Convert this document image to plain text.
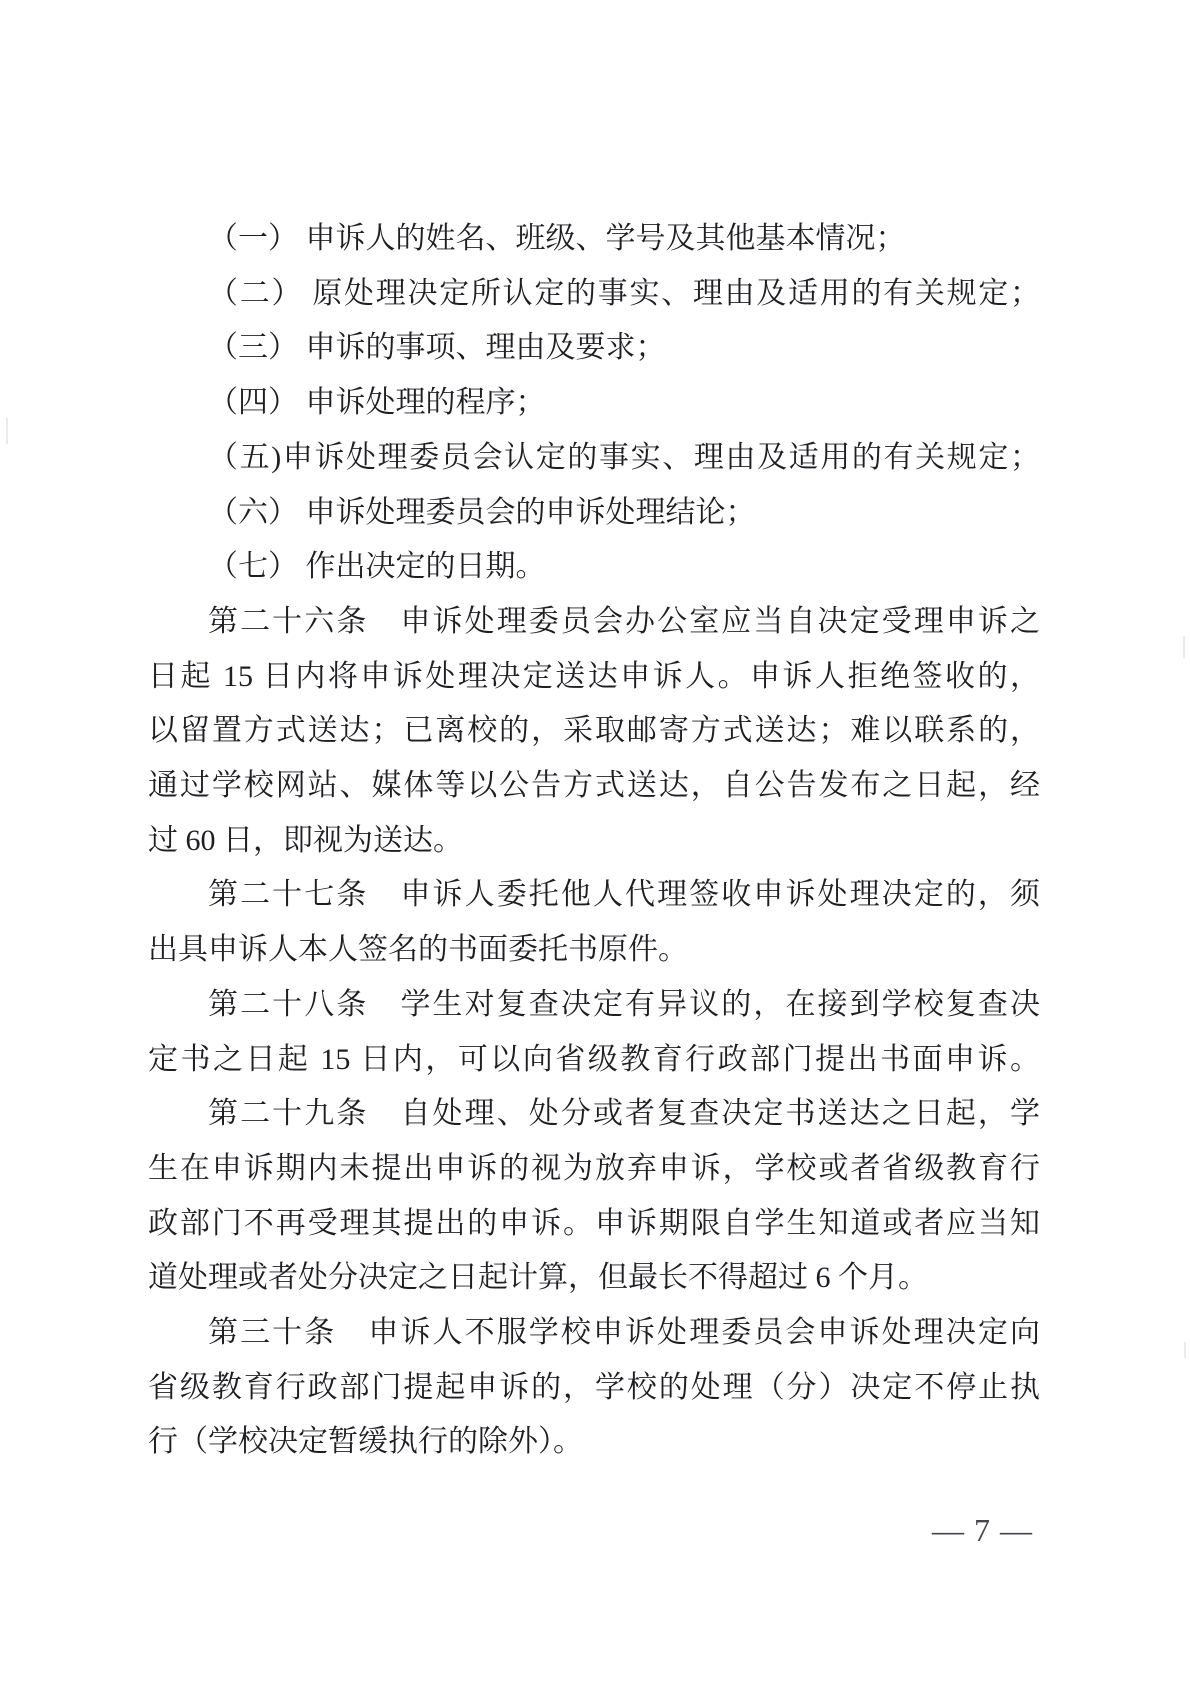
（一） 申诉人的姓名、班级、学号及其他基本情况；
（二） 原处理决定所认定的事实、理由及适用的有关规定；
（三） 申诉的事项、理由及要求；
（四） 申诉处理的程序；
（五)申诉处理委员会认定的事实、理由及适用的有关规定；
（六） 申诉处理委员会的申诉处理结论；
（七） 作出决定的日期。
第二十六条　申诉处理委员会办公室应当自决定受理申诉之
日起 15 日内将申诉处理决定送达申诉人。申诉人拒绝签收的，
以留置方式送达；已离校的，采取邮寄方式送达；难以联系的，
通过学校网站、媒体等以公告方式送达，自公告发布之日起，经
过 60 日，即视为送达。
第二十七条　申诉人委托他人代理签收申诉处理决定的，须
出具申诉人本人签名的书面委托书原件。
第二十八条　学生对复查决定有异议的，在接到学校复查决
定书之日起 15 日内，可以向省级教育行政部门提出书面申诉。
第二十九条　自处理、处分或者复查决定书送达之日起，学
生在申诉期内未提出申诉的视为放弃申诉，学校或者省级教育行
政部门不再受理其提出的申诉。申诉期限自学生知道或者应当知
道处理或者处分决定之日起计算，但最长不得超过 6 个月。
第三十条　申诉人不服学校申诉处理委员会申诉处理决定向
省级教育行政部门提起申诉的，学校的处理（分）决定不停止执
行（学校决定暂缓执行的除外）。
— 7 —
